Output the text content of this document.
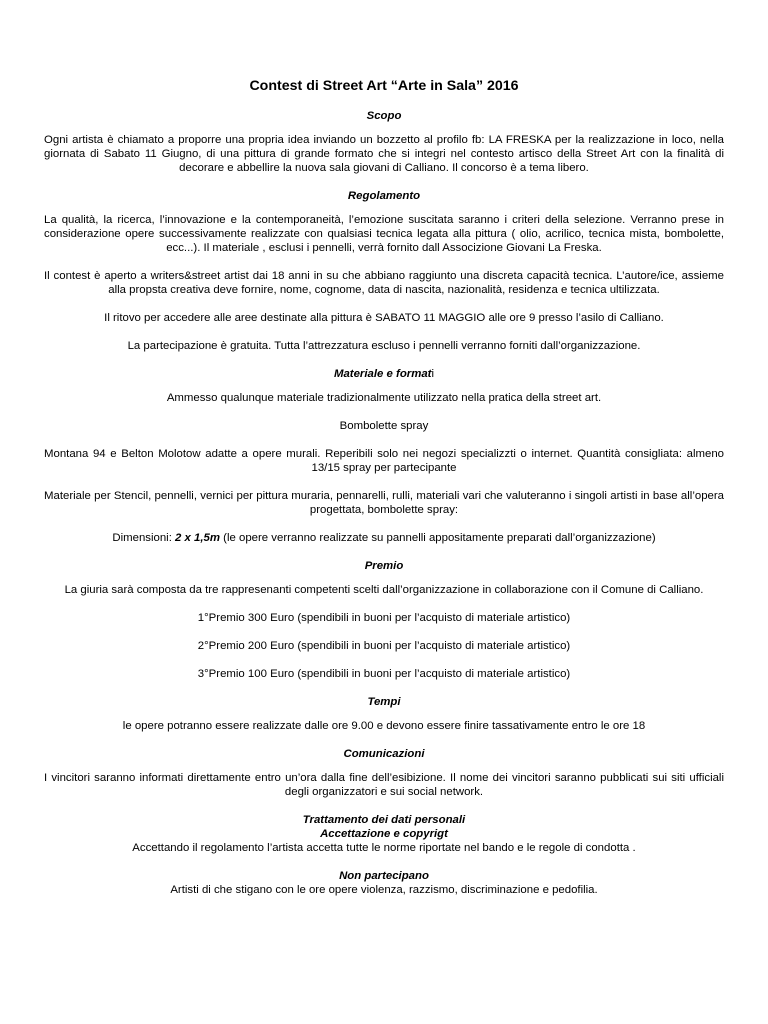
Contest di Street Art “Arte in Sala” 2016
Scopo

Ogni artista è chiamato a proporre una propria idea inviando un bozzetto al profilo fb: LA FRESKA per la realizzazione in loco, nella giornata di Sabato 11 Giugno, di una pittura di grande formato che si integri nel contesto artisco della Street Art con la finalità di decorare e abbellire la nuova sala giovani di Calliano. Il concorso è a tema libero.

Regolamento

La qualità, la ricerca, l’innovazione e la contemporaneità, l’emozione suscitata saranno i criteri della selezione. Verranno prese in considerazione opere successivamente realizzate con qualsiasi tecnica legata alla pittura ( olio, acrilico, tecnica mista, bombolette, ecc...). Il materiale , esclusi i pennelli, verrà fornito dall Associzione Giovani La Freska.

Il contest è aperto a writers&street artist dai 18 anni in su che abbiano raggiunto una discreta capacità tecnica. L’autore/ice, assieme alla propsta creativa deve fornire, nome, cognome, data di nascita, nazionalità, residenza e tecnica ultilizzata.

Il ritovo per accedere alle aree destinate alla pittura è SABATO 11 MAGGIO alle ore 9 presso l’asilo di Calliano.

La partecipazione è gratuita. Tutta l’attrezzatura escluso i pennelli verranno forniti dall’organizzazione.

Materiale e formati

Ammesso qualunque materiale tradizionalmente utilizzato nella pratica della street art.

Bombolette spray

Montana 94 e Belton Molotow adatte a opere murali. Reperibili solo nei negozi specializzti o internet. Quantità consigliata: almeno 13/15 spray per partecipante

Materiale per Stencil, pennelli, vernici per pittura muraria, pennarelli, rulli, materiali vari che valuteranno i singoli artisti in base all’opera progettata, bombolette spray:

Dimensioni: 2 x 1,5m (le opere verranno realizzate su pannelli appositamente preparati dall’organizzazione)

Premio

La giuria sarà composta da tre rappresenanti competenti scelti dall’organizzazione in collaborazione con il Comune di Calliano.

1°Premio 300 Euro (spendibili in buoni per l’acquisto di materiale artistico)

2°Premio 200 Euro (spendibili in buoni per l’acquisto di materiale artistico)

3°Premio 100 Euro (spendibili in buoni per l’acquisto di materiale artistico)

Tempi

le opere potranno essere realizzate dalle ore 9.00 e devono essere finire tassativamente entro le ore 18

Comunicazioni

I vincitori saranno informati direttamente entro un’ora dalla fine dell’esibizione. Il nome dei vincitori saranno pubblicati sui siti ufficiali degli organizzatori e sui social network.

Trattamento dei dati personali
Accettazione e copyrigt

Accettando il regolamento l’artista accetta tutte le norme riportate nel bando e le regole di condotta .

Non partecipano

Artisti di che stigano con le ore opere violenza, razzismo, discriminazione e pedofilia.
